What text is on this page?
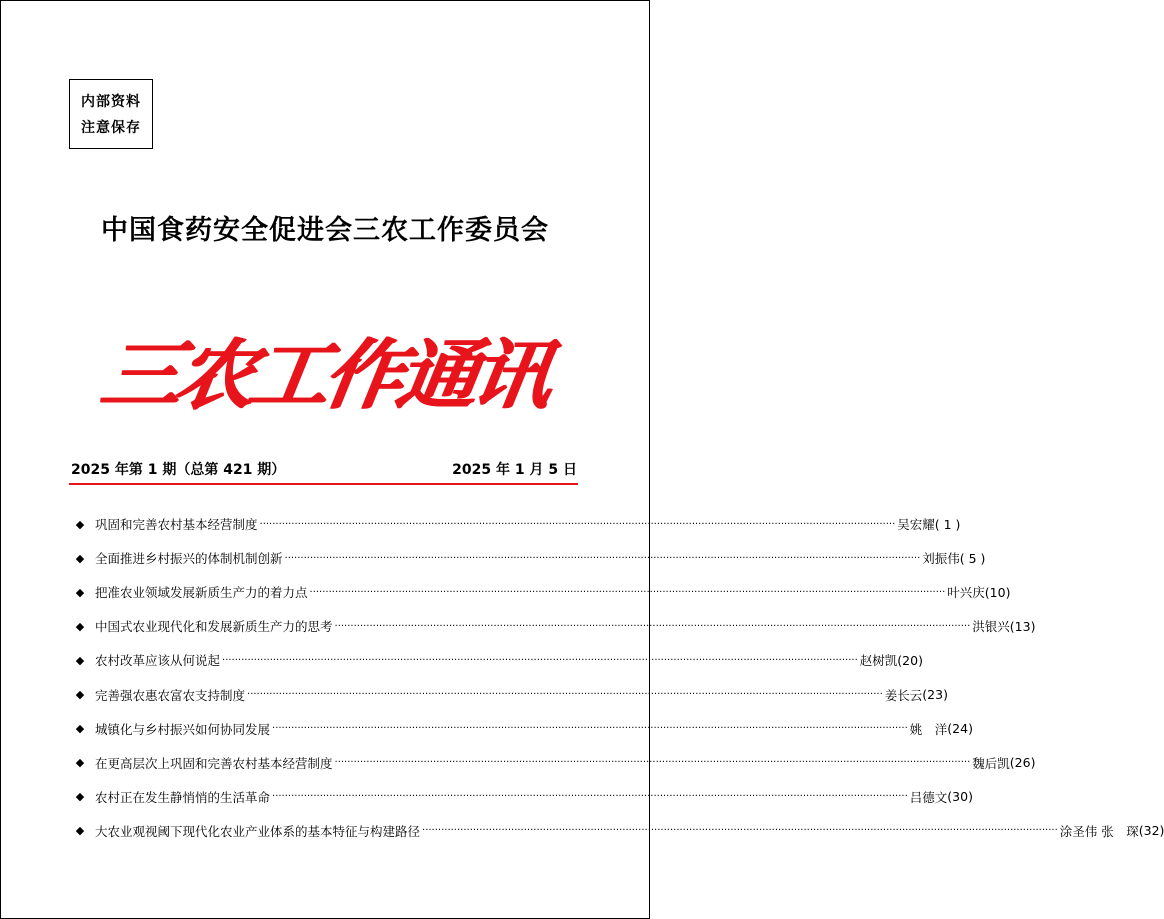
内部资料
注意保存
中国食药安全促进会三农工作委员会
三农工作通讯
2025 年第 1 期（总第 421 期）	2025 年 1 月 5 日
◆ 巩固和完善农村基本经营制度 ········································································································································································································ 吴宏耀 ( 1 )
◆ 全面推进乡村振兴的体制机制创新 ········································································································································································································ 刘振伟 ( 5 )
◆ 把准农业领域发展新质生产力的着力点 ········································································································································································································ 叶兴庆 (10)
◆ 中国式农业现代化和发展新质生产力的思考 ········································································································································································································ 洪银兴 (13)
◆ 农村改革应该从何说起 ········································································································································································································ 赵树凯 (20)
◆ 完善强农惠农富农支持制度 ········································································································································································································ 姜长云 (23)
◆ 城镇化与乡村振兴如何协同发展 ········································································································································································································ 姚　洋 (24)
◆ 在更高层次上巩固和完善农村基本经营制度 ········································································································································································································ 魏后凯 (26)
◆ 农村正在发生静悄悄的生活革命 ········································································································································································································ 吕德文 (30)
◆ 大农业观视阈下现代化农业产业体系的基本特征与构建路径 ········································································································································································································ 涂圣伟 张　琛 (32)
